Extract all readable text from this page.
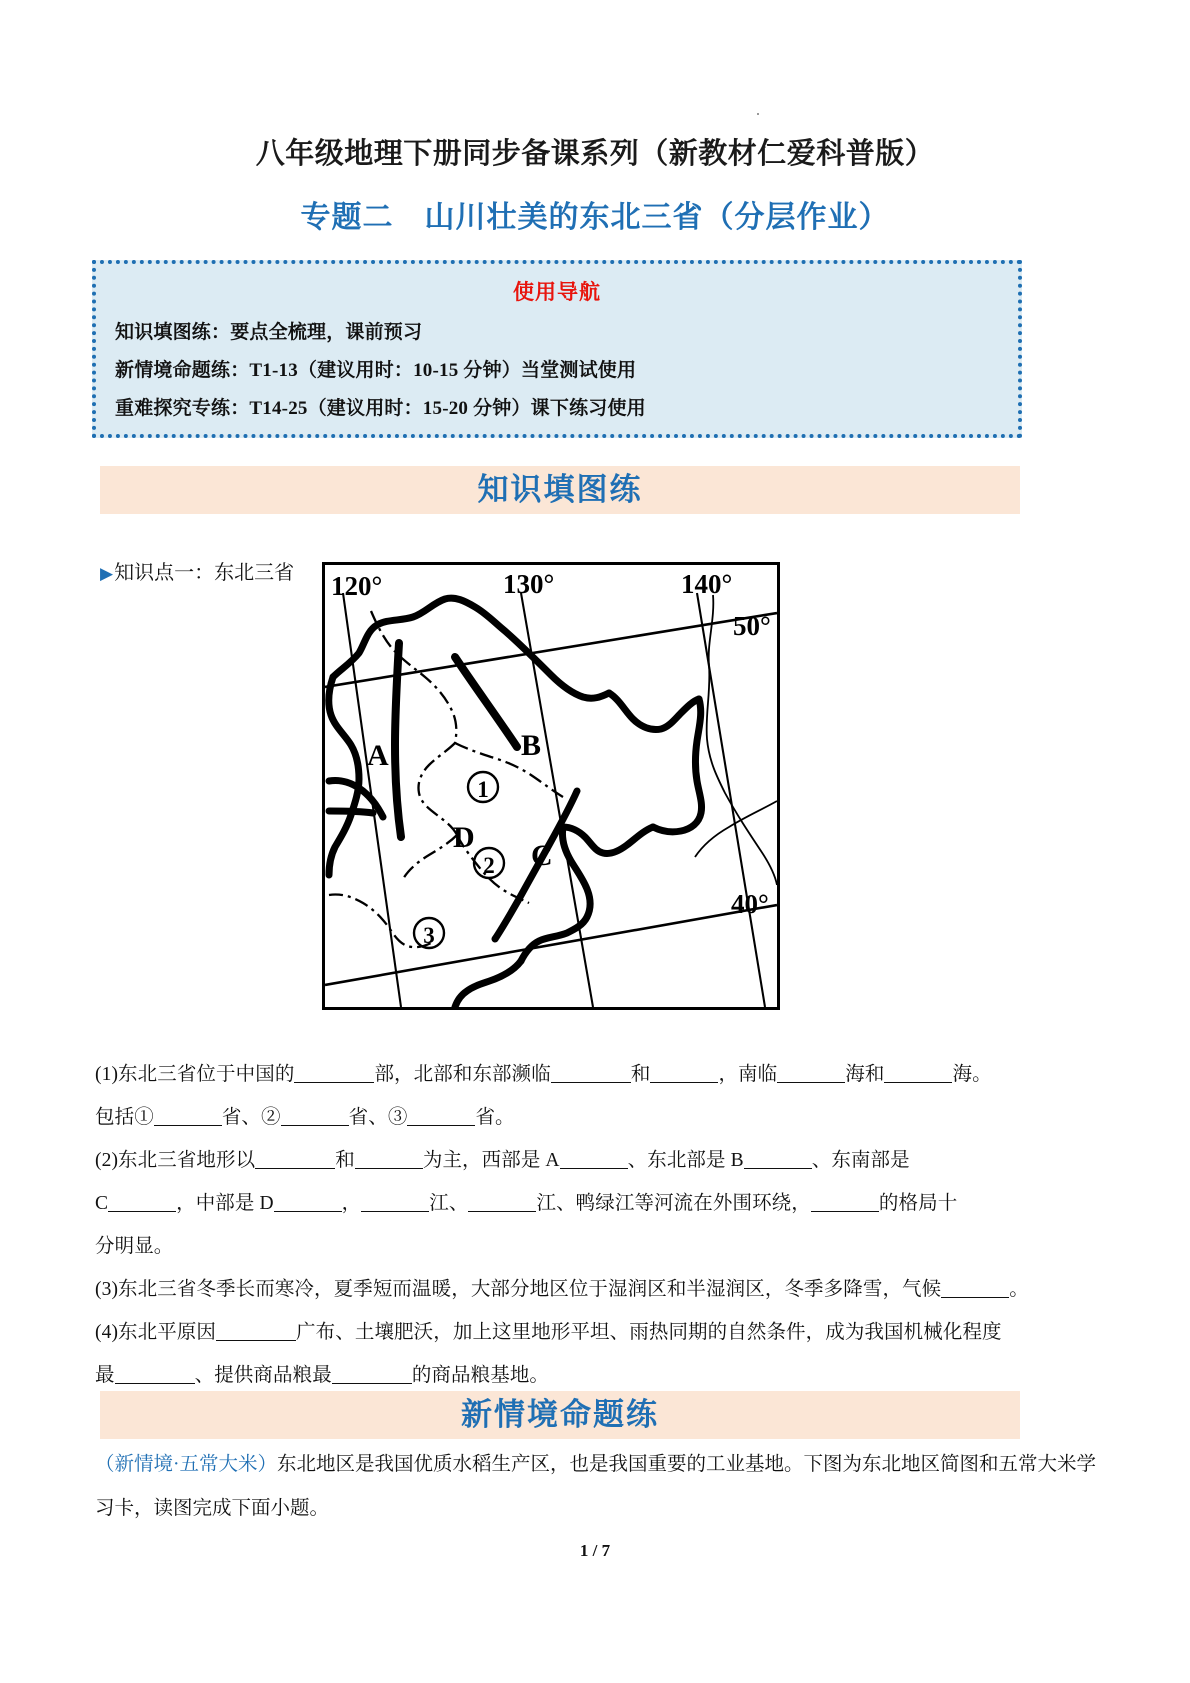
八年级地理下册同步备课系列（新教材仁爱科普版）
专题二　山川壮美的东北三省（分层作业）
使用导航
知识填图练：要点全梳理，课前预习
新情境命题练：T1-13（建议用时：10-15 分钟）当堂测试使用
重难探究专练：T14-25（建议用时：15-20 分钟）课下练习使用
知识填图练
▶知识点一：东北三省 120°	130°	140°
50°
40°
A	B
C
D
1
2
3
(1)东北三省位于中国的	部，北部和东部濒临	和	，南临	海和	海。
包括①	省、②	省、③	省。
(2)东北三省地形以	和	为主，西部是 A	、东北部是 B	、东南部是
C	，中部是 D	，	江、	江、鸭绿江等河流在外围环绕，	的格局十
分明显。
(3)东北三省冬季长而寒冷，夏季短而温暖，大部分地区位于湿润区和半湿润区，冬季多降雪，气候	。
(4)东北平原因	广布、土壤肥沃，加上这里地形平坦、雨热同期的自然条件，成为我国机械化程度
最	、提供商品粮最	的商品粮基地。
新情境命题练
（新情境·五常大米）东北地区是我国优质水稻生产区，也是我国重要的工业基地。下图为东北地区简图和五常大米学习卡，读图完成下面小题。
1 / 7
